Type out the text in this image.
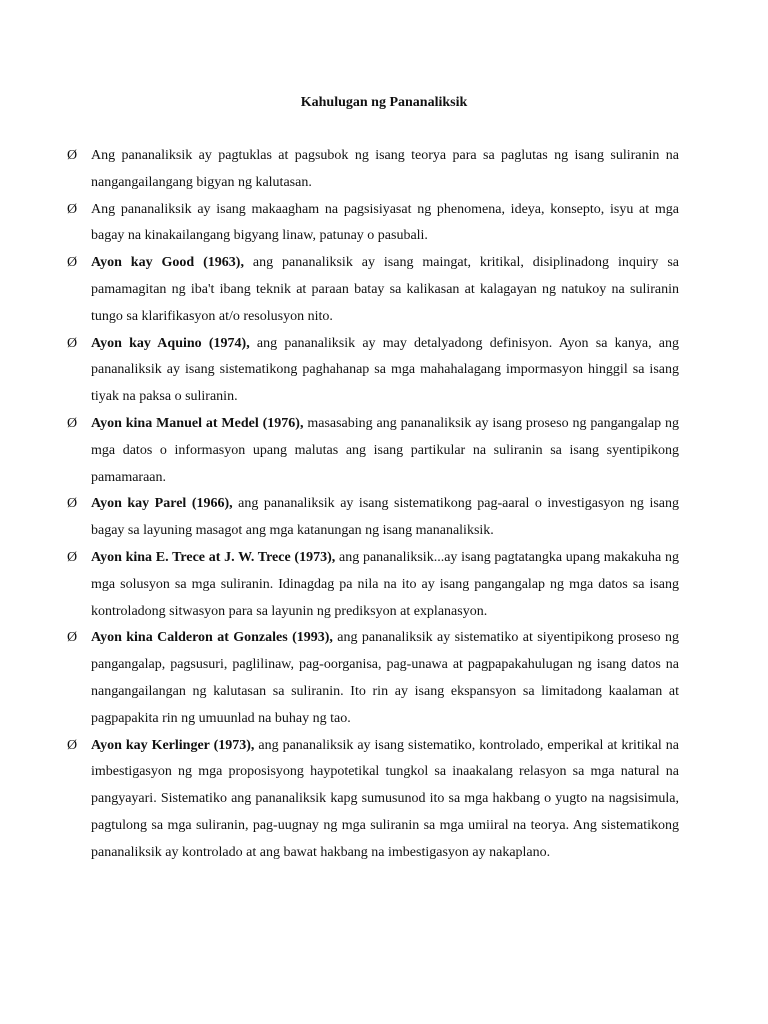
Kahulugan ng Pananaliksik
Ø Ang pananaliksik ay pagtuklas at pagsubok ng isang teorya para sa paglutas ng isang suliranin na nangangailangang bigyan ng kalutasan.
Ø Ang pananaliksik ay isang makaagham na pagsisiyasat ng phenomena, ideya, konsepto, isyu at mga bagay na kinakailangang bigyang linaw, patunay o pasubali.
Ø Ayon kay Good (1963), ang pananaliksik ay isang maingat, kritikal, disiplinadong inquiry sa pamamagitan ng iba't ibang teknik at paraan batay sa kalikasan at kalagayan ng natukoy na suliranin tungo sa klarifikasyon at/o resolusyon nito.
Ø Ayon kay Aquino (1974), ang pananaliksik ay may detalyadong definisyon. Ayon sa kanya, ang pananaliksik ay isang sistematikong paghahanap sa mga mahahalagang impormasyon hinggil sa isang tiyak na paksa o suliranin.
Ø Ayon kina Manuel at Medel (1976), masasabing ang pananaliksik ay isang proseso ng pangangalap ng mga datos o informasyon upang malutas ang isang partikular na suliranin sa isang syentipikong pamamaraan.
Ø Ayon kay Parel (1966), ang pananaliksik ay isang sistematikong pag-aaral o investigasyon ng isang bagay sa layuning masagot ang mga katanungan ng isang mananaliksik.
Ø Ayon kina E. Trece at J. W. Trece (1973), ang pananaliksik...ay isang pagtatangka upang makakuha ng mga solusyon sa mga suliranin. Idinagdag pa nila na ito ay isang pangangalap ng mga datos sa isang kontroladong sitwasyon para sa layunin ng prediksyon at explanasyon.
Ø Ayon kina Calderon at Gonzales (1993), ang pananaliksik ay sistematiko at siyentipikong proseso ng pangangalap, pagsusuri, paglilinaw, pag-oorganisa, pag-unawa at pagpapakahulugan ng isang datos na nangangailangan ng kalutasan sa suliranin. Ito rin ay isang ekspansyon sa limitadong kaalaman at pagpapakita rin ng umuunlad na buhay ng tao.
Ø Ayon kay Kerlinger (1973), ang pananaliksik ay isang sistematiko, kontrolado, emperikal at kritikal na imbestigasyon ng mga proposisyong haypotetikal tungkol sa inaakalang relasyon sa mga natural na pangyayari. Sistematiko ang pananaliksik kapg sumusunod ito sa mga hakbang o yugto na nagsisimula, pagtulong sa mga suliranin, pag-uugnay ng mga suliranin sa mga umiiral na teorya. Ang sistematikong pananaliksik ay kontrolado at ang bawat hakbang na imbestigasyon ay nakaplano.
